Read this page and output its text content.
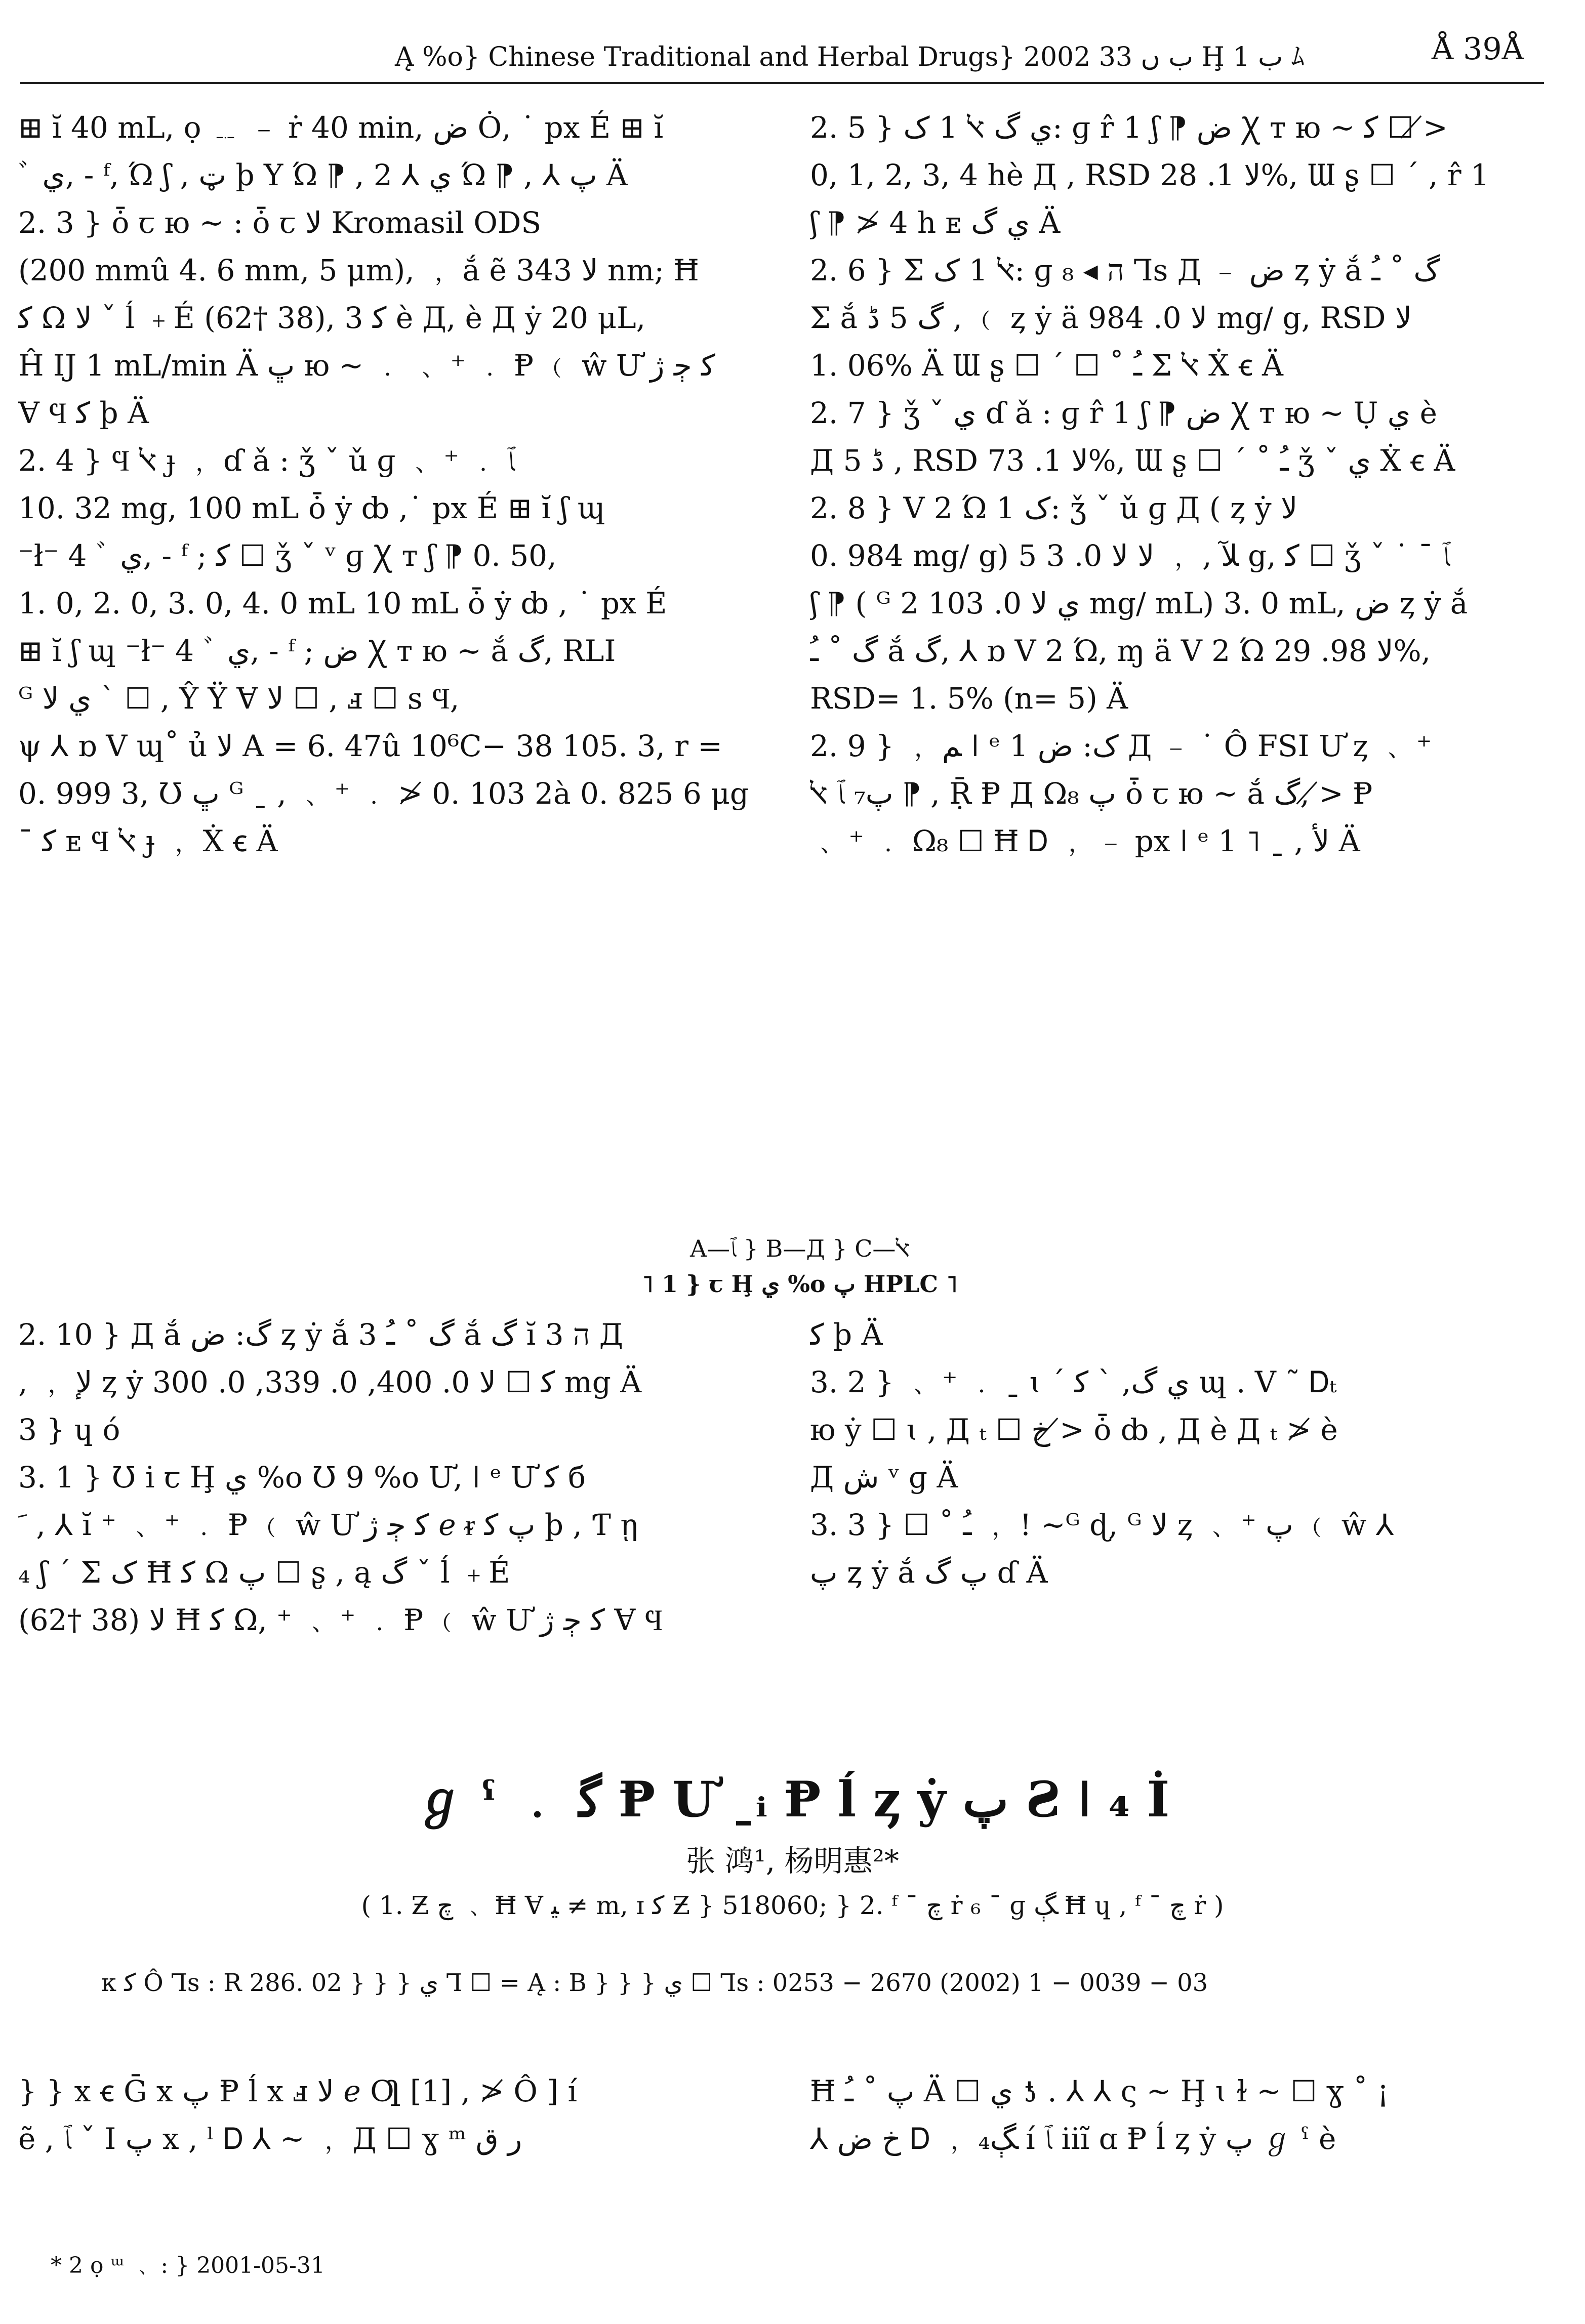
Ą %o} Chinese Traditional and Herbal Drugs} 2002 ب ں 33 Ḩ ب 1 ﾑ	Å 39Å

⊞ ĭ 40 mL, ọ ﹎ ﹣ ṙ 40 min, ض Ȯ, ˙ px É ⊞ ĭ

ﾞ ي, - ᶠ, Ώ ʃ , ټ þ Y Ώ ⁋ , 2 ⅄ ي Ώ ⁋ , ⅄ پ Ä

2. 3 } ȱ ꞇ ю ~ : ȱ ꞇ ﻻ Kromasil ODS

(200 mmû 4. 6 mm, 5 μm), ﹐ ắ ẽ ﻻ 343 nm; Ħ

ﮐ Ω ﻻ ˇ ĺ ﹢É (62† 38), 3 ﮐ è Д, è Д ẏ 20 μL,

Ĥ IJ 1 mL/min Ä ﭚ ю ~ ﹒ ﹑ ⁺ ﹒ Ᵽ ﹙ ŵ Ư ﻛ ﭴ ﮊ

Ɐ Ϥ ﻛ þ Ä

2. 4 } Ϥ ﭏ ɟ ﹐ ɗ ǎ : ǯ ˇ ǔ ɡ ﹑ ⁺ ﹒ ﭑ

10. 32 mg, 100 mL ȱ ẏ ȸ ,˙ px É ⊞ ĭ ʃ ɰ

⁻ł⁻ 4 ﾞ ي, - ᶠ ; ﻛ ☐ ǯ ˇ ᵛ ɡ Ꭓ т ʃ ⁋ 0. 50,

1. 0, 2. 0, 3. 0, 4. 0 mL 10 mL ȱ ẏ ȸ , ˙ px É

⊞ ĭ ʃ ɰ ⁻ł⁻ 4 ﾞ ي, - ᶠ ; ض Ꭓ т ю ~ ắ گ, RLI

ᴳ ي ﻻ ˋ ☐ , Ŷ Ÿ Ɐ ﻻ ☐ , ⅎ ☐ ꜱ Ϥ,

ψ ⅄ ɒ Ⅴ ɰ˚ ủ ﻻ A = 6. 47û 10⁶C− 38 105. 3, r =

0. 999 3, Ʊ ﭚ ᴳ ˍ , ﹑ ⁺ ﹒ ≯ 0. 103 2à 0. 825 6 μg

ˉ ﮐ ᴇ Ϥ ﭏ ɟ ﹐ Ẋ ꞓ Ä

2. 5 } ي گ ﭏ 1 ک: ɡ r̂ 1 ʃ ⁋ ض Ꭓ т ю ~ ﻛ ☐ ≯

0, 1, 2, 3, 4 hè Д , RSD ﻻ 1. 28%, Ɯ ʂ ☐ ˊ , r̂ 1

ʃ ⁋ ≯ 4 h ᴇ ي گ Ä

2. 6 } Σ ﭏ 1 ک: ɡ ₈ ◂ ה Ꞁs Д ﹣ ض ȥ ẏ ắ گ ˚ ﹹ

Σ ắ گ 5 ڈ , ﹙ ȥ ẏ ä ﻻ 0. 984 mg/ g, RSD ﻻ

1. 06% Ä Ɯ ʂ ☐ ˊ ☐ ˚ ﹹ Σ ﭏ Ẋ ꞓ Ä

2. 7 } ǯ ˇ ي ɗ ǎ : ɡ r̂ 1 ʃ ⁋ ض Ꭓ т ю ~ Ụ ي è

Д 5 ڈ , RSD ﻻ 1. 73%, Ɯ ʂ ☐ ˊ ˚ ﹹ ǯ ˇ ي Ẋ ꞓ Ä

2. 8 } Ⅴ 2 Ώ 1 ک: ǯ ˇ ǔ ɡ Д ( ȥ ẏ ﻻ

0. 984 mg/ g) 5 ﻶ , ﹐ ﻻ ﻻ 0. 3 g, ﻛ ☐ ǯ ˇ ˙ ˉ ﭑ

ʃ ⁋ ( ᴳ ي ﻻ 0. 103 2 mg/ mL) 3. 0 mL, ض ȥ ẏ ắ

گ ˚ ﹹ ắ گ, ⅄ ɒ Ⅴ 2 Ώ, ɱ ä Ⅴ 2 Ώ ﻻ 98. 29%,

RSD= 1. 5% (n= 5) Ä

2. 9 } ﹐ ﻢ ǀ ᵉ 1 ک: ض Д ﹣ ˙ Ô FSI Ư ȥ ﹑ ⁺

پ₇ ﭑ ﭏ ⁋ , Ṝ Ᵽ Д Ω₈ پ ȱ ꞇ ю ~ ắ گ, ≯ Ᵽ

﹑ ⁺ ﹒ Ω₈ ☐ Ħ Ꭰ ﹐ ﹣ px ǀ ᵉ ﻷ , ˍ ˥ 1 Ä

A—ﭑ } B—Д } C—ﭏ
˥ 1 } ꞇ Ḩ ي %o پ HPLC ˥

2. 10 } Д ắ گ: ض ȥ ẏ ắ گ ˚ ﹹ 3 ắ گ ĭ 3 ה Д

, ﹐ ﻹ ȥ ẏ ﻛ ☐ ﻻ 0. 400, 0. 339, 0. 300 mg Ä

3 } ɥ ó

3. 1 } Ʊ i ꞇ Ḩ ي %o Ʊ 9 %o Ư, ǀ ᵉ Ư ﻛ б

ﹶ , ⅄ ĭ ⁺ ﹑ ⁺ ﹒ Ᵽ ﹙ ŵ Ư ﻛ ﭴ ﮊ ℯ ᵲ پ ﻛ þ , Ƭ ῃ

₄ ʃ ˊ Σ ک Ħ ﮐ Ω پ ☐ ʂ , ą گ ˇ ĺ ﹢É

(62† 38) ﻻ Ħ ﮐ Ω, ⁺ ﹑ ⁺ ﹒ Ᵽ ﹙ ŵ Ư ﻛ ﭴ ﮊ Ɐ Ϥ

ﻛ þ Ä

3. 2 } ﹑ ⁺ ﹒ ˍ ɩ ˊ ي گ, ˋ ﻛ ɰ . Ⅴ ˜ Ꭰₜ

ю ẏ ☐ ɩ , Д ₜ ☐ خ ≯ ȱ ȸ , Д è Д ₜ ≯ è

Д ش ᵛ ɡ Ä

3. 3 } ☐ ˚ ﹹ ﹐ ! ~ᴳ ɖ, ᴳ ﻻ ȥ ﹑ ⁺ پ ﹙ ŵ ⅄

پ ȥ ẏ ắ پ گ ɗ Ä

ℊ ˁ ﹒ ﮔ Ᵽ Ư ˍᵢ Ᵽ ĺ ȥ ẏ پ Ƨ ǀ ₄ İ
张 鸿¹, 杨明惠²*
( 1. Ƶ ﭺ ﹑ Ħ Ɐ ﻴ ≠ m, ɪ ﮐ Ƶ } 518060; } 2. ᶠ ¯ ﭺ ṙ ₆ ˉ ɡ ﮗ Ħ ɥ , ᶠ ¯ ﭺ ṙ )
ᴋ ﻛ Ô Ꞁs : R 286. 02 } } } ي Ꞁ ☐ = Ą : B } } } ي ☐ Ꞁs : 0253 − 2670 (2002) 1 − 0039 − 03

} } x ꞓ Ḡ x پ Ᵽ ĺ x ⅎ ﻻ ℯ Ƣ [1] , ≯ Ô ] í

ẽ , ﭑ ˇ I پ x , ˡ Ꭰ ⅄ ~ ﹐ Д ☐ ɣ ᵐ ﺭ ق

Ħ پ ˚ ﹹ Ä ☐ ي ƾ . ⅄ ⅄ ς ~ Ḩ ɩ ɫ ~ ☐ ɣ ˚ ¡

⅄ خ ض Ꭰ ﹐ ﮗ₄ í ﭑ iiĩ ɑ Ᵽ ĺ ȥ ẏ پ ℊ ˁ è

* 2 ọ ᵚ ﹑ : } 2001-05-31
